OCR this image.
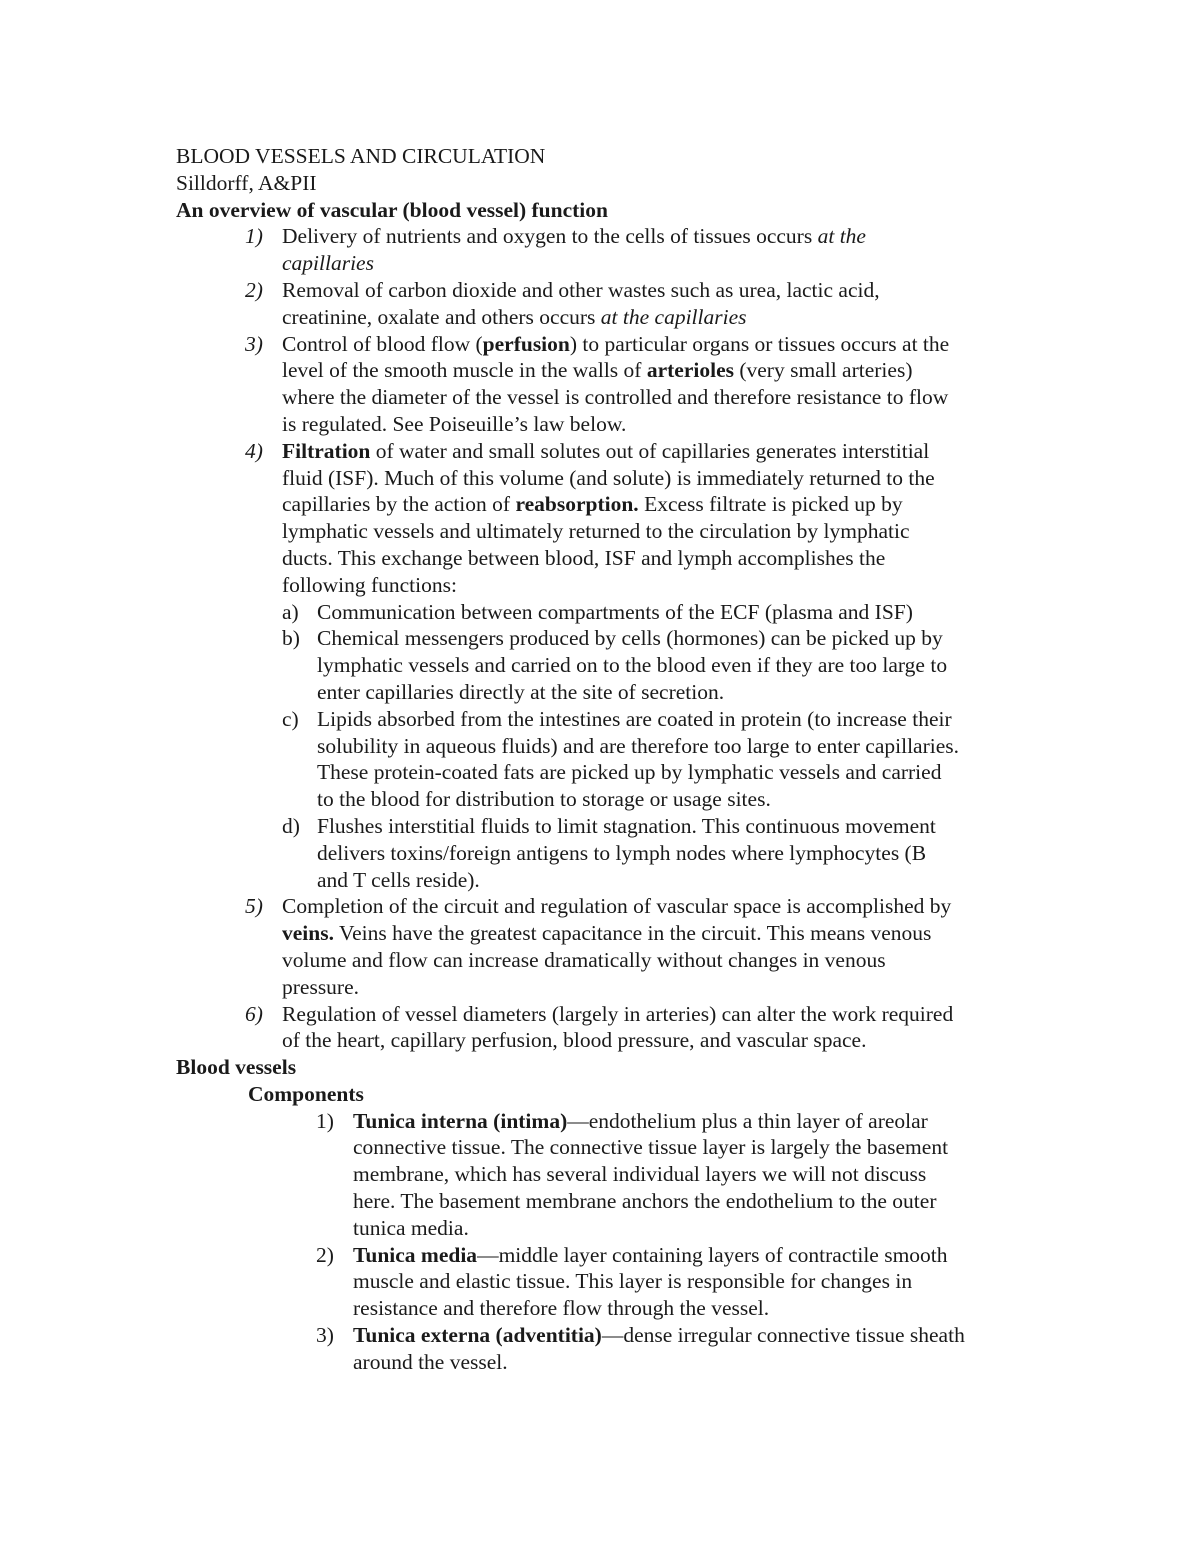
BLOOD VESSELS AND CIRCULATION
Silldorff, A&PII
An overview of vascular (blood vessel) function
1) Delivery of nutrients and oxygen to the cells of tissues occurs at the
capillaries
2) Removal of carbon dioxide and other wastes such as urea, lactic acid,
creatinine, oxalate and others occurs at the capillaries
3) Control of blood flow (perfusion) to particular organs or tissues occurs at the
level of the smooth muscle in the walls of arterioles (very small arteries)
where the diameter of the vessel is controlled and therefore resistance to flow
is regulated. See Poiseuille’s law below.
4) Filtration of water and small solutes out of capillaries generates interstitial
fluid (ISF). Much of this volume (and solute) is immediately returned to the
capillaries by the action of reabsorption. Excess filtrate is picked up by
lymphatic vessels and ultimately returned to the circulation by lymphatic
ducts. This exchange between blood, ISF and lymph accomplishes the
following functions:
a) Communication between compartments of the ECF (plasma and ISF)
b) Chemical messengers produced by cells (hormones) can be picked up by
lymphatic vessels and carried on to the blood even if they are too large to
enter capillaries directly at the site of secretion.
c) Lipids absorbed from the intestines are coated in protein (to increase their
solubility in aqueous fluids) and are therefore too large to enter capillaries.
These protein-coated fats are picked up by lymphatic vessels and carried
to the blood for distribution to storage or usage sites.
d) Flushes interstitial fluids to limit stagnation. This continuous movement
delivers toxins/foreign antigens to lymph nodes where lymphocytes (B
and T cells reside).
5) Completion of the circuit and regulation of vascular space is accomplished by
veins. Veins have the greatest capacitance in the circuit. This means venous
volume and flow can increase dramatically without changes in venous
pressure.
6) Regulation of vessel diameters (largely in arteries) can alter the work required
of the heart, capillary perfusion, blood pressure, and vascular space.
Blood vessels
Components
1) Tunica interna (intima)—endothelium plus a thin layer of areolar
connective tissue. The connective tissue layer is largely the basement
membrane, which has several individual layers we will not discuss
here. The basement membrane anchors the endothelium to the outer
tunica media.
2) Tunica media—middle layer containing layers of contractile smooth
muscle and elastic tissue. This layer is responsible for changes in
resistance and therefore flow through the vessel.
3) Tunica externa (adventitia)—dense irregular connective tissue sheath
around the vessel.
